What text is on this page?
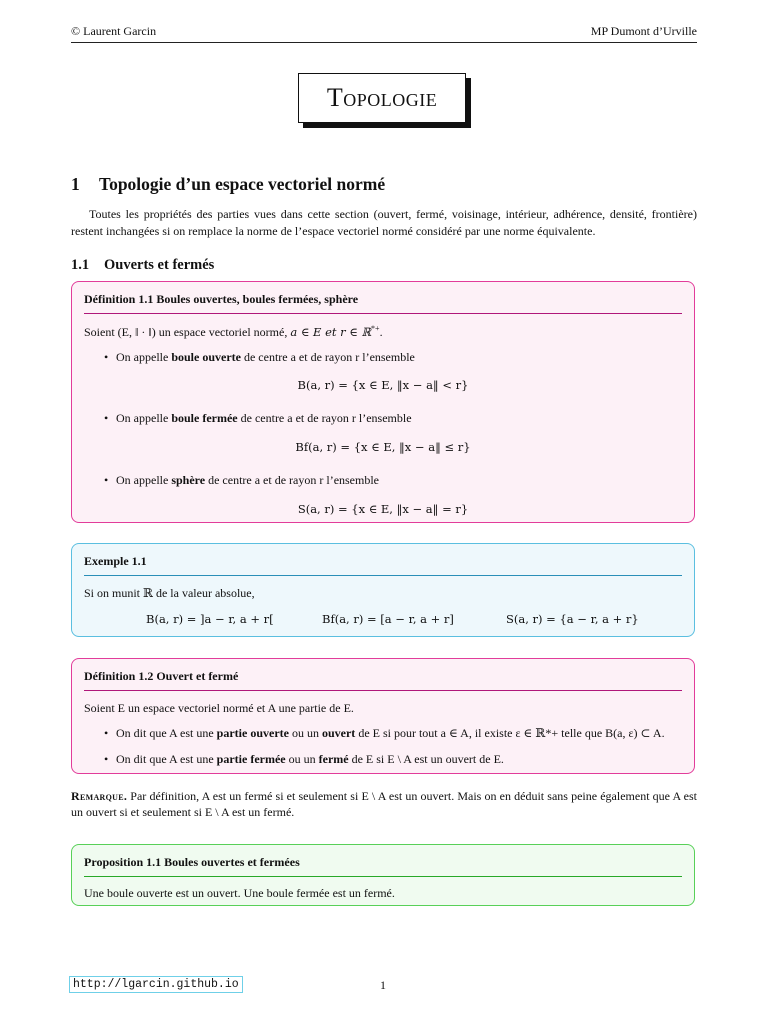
© Laurent Garcin	MP Dumont d’Urville
Topologie
1 Topologie d’un espace vectoriel normé
Toutes les propriétés des parties vues dans cette section (ouvert, fermé, voisinage, intérieur, adhérence, densité, frontière) restent inchangées si on remplace la norme de l’espace vectoriel normé considéré par une norme équivalente.
1.1 Ouverts et fermés
Définition 1.1 Boules ouvertes, boules fermées, sphère
Soient (E, ‖ · ‖) un espace vectoriel normé, a ∈ E et r ∈ ℝ*+.
• On appelle boule ouverte de centre a et de rayon r l’ensemble
B(a, r) = {x ∈ E, ‖x − a‖ < r}
• On appelle boule fermée de centre a et de rayon r l’ensemble
Bf(a, r) = {x ∈ E, ‖x − a‖ ≤ r}
• On appelle sphère de centre a et de rayon r l’ensemble
S(a, r) = {x ∈ E, ‖x − a‖ = r}
Exemple 1.1
Si on munit ℝ de la valeur absolue,
B(a, r) = ]a − r, a + r[	Bf(a, r) = [a − r, a + r]	S(a, r) = {a − r, a + r}
Définition 1.2 Ouvert et fermé
Soient E un espace vectoriel normé et A une partie de E.
• On dit que A est une partie ouverte ou un ouvert de E si pour tout a ∈ A, il existe ε ∈ ℝ*+ telle que B(a, ε) ⊂ A.
• On dit que A est une partie fermée ou un fermé de E si E \ A est un ouvert de E.
Remarque. Par définition, A est un fermé si et seulement si E \ A est un ouvert. Mais on en déduit sans peine également que A est un ouvert si et seulement si E \ A est un fermé.
Proposition 1.1 Boules ouvertes et fermées
Une boule ouverte est un ouvert. Une boule fermée est un fermé.
http://lgarcin.github.io	1
